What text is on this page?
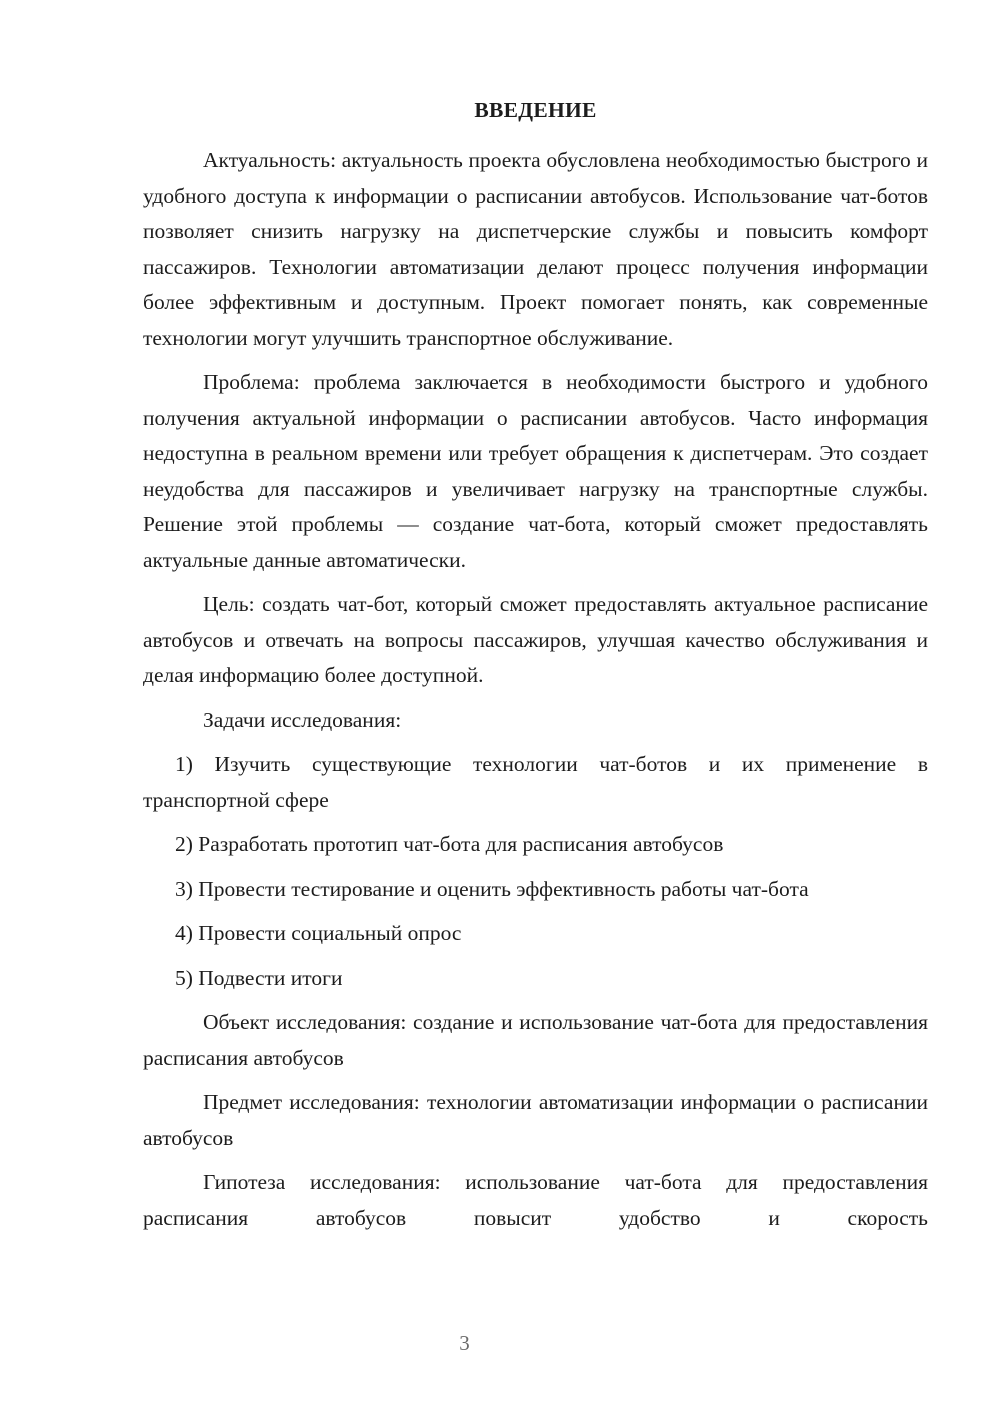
ВВЕДЕНИЕ

Актуальность: актуальность проекта обусловлена необходимостью быстрого и удобного доступа к информации о расписании автобусов. Использование чат-ботов позволяет снизить нагрузку на диспетчерские службы и повысить комфорт пассажиров. Технологии автоматизации делают процесс получения информации более эффективным и доступным. Проект помогает понять, как современные технологии могут улучшить транспортное обслуживание.

Проблема: проблема заключается в необходимости быстрого и удобного получения актуальной информации о расписании автобусов. Часто информация недоступна в реальном времени или требует обращения к диспетчерам. Это создает неудобства для пассажиров и увеличивает нагрузку на транспортные службы. Решение этой проблемы — создание чат-бота, который сможет предоставлять актуальные данные автоматически.

Цель: создать чат-бот, который сможет предоставлять актуальное расписание автобусов и отвечать на вопросы пассажиров, улучшая качество обслуживания и делая информацию более доступной.

Задачи исследования:

1) Изучить существующие технологии чат-ботов и их применение в транспортной сфере

2) Разработать прототип чат-бота для расписания автобусов

3) Провести тестирование и оценить эффективность работы чат-бота

4) Провести социальный опрос

5) Подвести итоги

Объект исследования: создание и использование чат-бота для предоставления расписания автобусов

Предмет исследования: технологии автоматизации информации о расписании автобусов

Гипотеза исследования: использование чат-бота для предоставления расписания автобусов повысит удобство и скорость

3
